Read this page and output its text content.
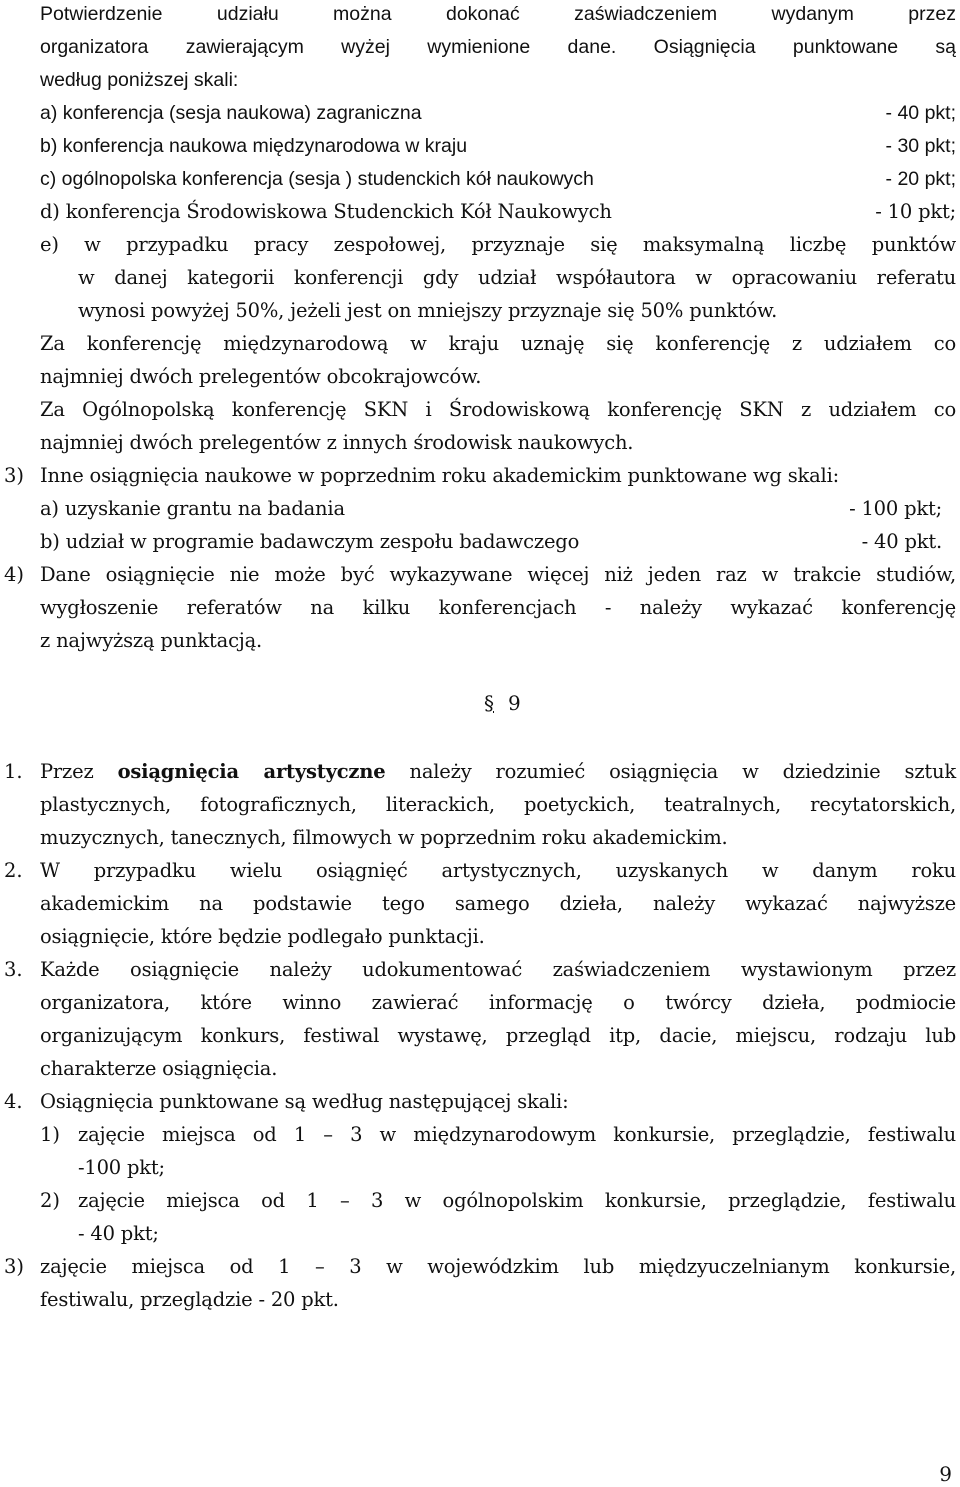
Potwierdzenie udziału można dokonać zaświadczeniem wydanym przez
organizatora zawierającym wyżej wymienione dane. Osiągnięcia punktowane są
według poniższej skali:
a) konferencja (sesja naukowa) zagraniczna	- 40 pkt;
b) konferencja naukowa międzynarodowa w kraju	- 30 pkt;
c) ogólnopolska konferencja (sesja ) studenckich kół naukowych	- 20 pkt;
d) konferencja Środowiskowa Studenckich Kół Naukowych	- 10 pkt;
e) w przypadku pracy zespołowej, przyznaje się maksymalną liczbę punktów
w danej kategorii konferencji gdy udział współautora w opracowaniu referatu
wynosi powyżej 50%, jeżeli jest on mniejszy przyznaje się 50% punktów.
Za konferencję międzynarodową w kraju uznaję się konferencję z udziałem co
najmniej dwóch prelegentów obcokrajowców.
Za Ogólnopolską konferencję SKN i Środowiskową konferencję SKN z udziałem co
najmniej dwóch prelegentów z innych środowisk naukowych.
3) Inne osiągnięcia naukowe w poprzednim roku akademickim punktowane wg skali:
a) uzyskanie grantu na badania	- 100 pkt;
b) udział w programie badawczym zespołu badawczego	- 40 pkt.
4) Dane osiągnięcie nie może być wykazywane więcej niż jeden raz w trakcie studiów,
wygłoszenie referatów na kilku konferencjach - należy wykazać konferencję
z najwyższą punktacją.
§ 9
1. Przez osiągnięcia artystyczne należy rozumieć osiągnięcia w dziedzinie sztuk
plastycznych, fotograficznych, literackich, poetyckich, teatralnych, recytatorskich,
muzycznych, tanecznych, filmowych w poprzednim roku akademickim.
2. W przypadku wielu osiągnięć artystycznych, uzyskanych w danym roku
akademickim na podstawie tego samego dzieła, należy wykazać najwyższe
osiągnięcie, które będzie podlegało punktacji.
3. Każde osiągnięcie należy udokumentować zaświadczeniem wystawionym przez
organizatora, które winno zawierać informację o twórcy dzieła, podmiocie
organizującym konkurs, festiwal wystawę, przegląd itp, dacie, miejscu, rodzaju lub
charakterze osiągnięcia.
4. Osiągnięcia punktowane są według następującej skali:
1) zajęcie miejsca od 1 – 3 w międzynarodowym konkursie, przeglądzie, festiwalu
-100 pkt;
2) zajęcie miejsca od 1 – 3 w ogólnopolskim konkursie, przeglądzie, festiwalu
- 40 pkt;
3) zajęcie miejsca od 1 – 3 w wojewódzkim lub międzyuczelnianym konkursie,
festiwalu, przeglądzie - 20 pkt.
9
